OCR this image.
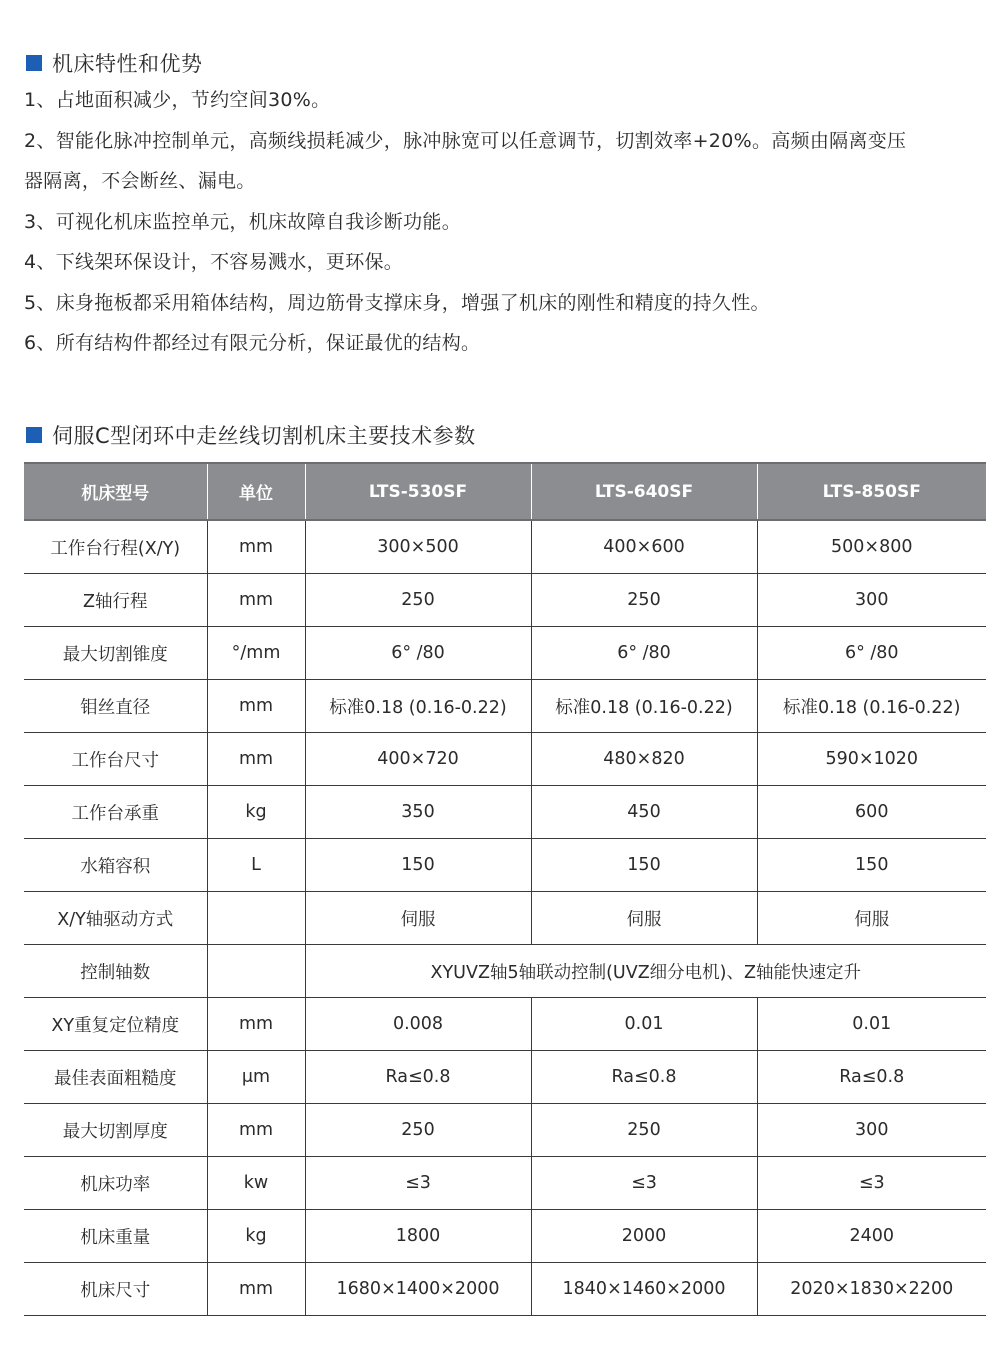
机床特性和优势
1、占地面积减少，节约空间30%。
2、智能化脉冲控制单元，高频线损耗减少，脉冲脉宽可以任意调节，切割效率+20%。高频由隔离变压
器隔离，不会断丝、漏电。
3、可视化机床监控单元，机床故障自我诊断功能。
4、下线架环保设计，不容易溅水，更环保。
5、床身拖板都采用箱体结构，周边筋骨支撑床身，增强了机床的刚性和精度的持久性。
6、所有结构件都经过有限元分析，保证最优的结构。
伺服C型闭环中走丝线切割机床主要技术参数
机床型号	单位	LTS-530SF	LTS-640SF	LTS-850SF
工作台行程(X/Y)	mm	300×500	400×600	500×800
Z轴行程	mm	250	250	300
最大切割锥度	°/mm	6° /80	6° /80	6° /80
钼丝直径	mm	标准0.18 (0.16-0.22)	标准0.18 (0.16-0.22)	标准0.18 (0.16-0.22)
工作台尺寸	mm	400×720	480×820	590×1020
工作台承重	kg	350	450	600
水箱容积	L	150	150	150
X/Y轴驱动方式		伺服	伺服	伺服
控制轴数		XYUVZ轴5轴联动控制(UVZ细分电机)、Z轴能快速定升		
XY重复定位精度	mm	0.008	0.01	0.01
最佳表面粗糙度	μm	Ra≤0.8	Ra≤0.8	Ra≤0.8
最大切割厚度	mm	250	250	300
机床功率	kw	≤3	≤3	≤3
机床重量	kg	1800	2000	2400
机床尺寸	mm	1680×1400×2000	1840×1460×2000	2020×1830×2200
